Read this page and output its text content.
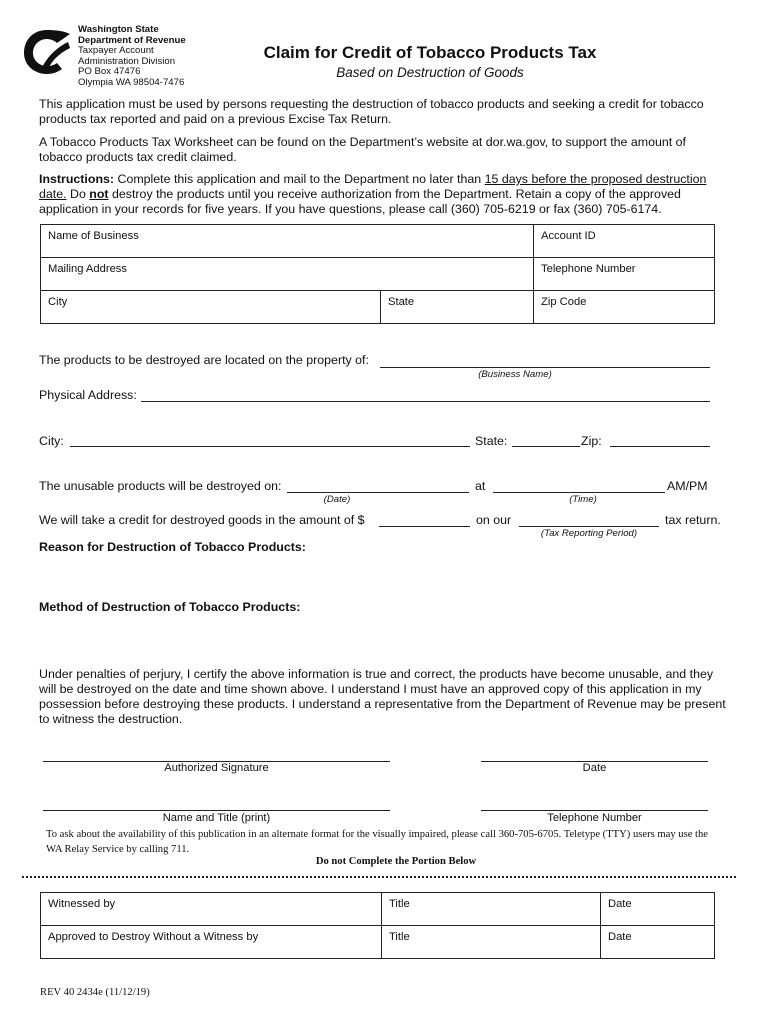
Washington State
Department of Revenue
Taxpayer Account
Administration Division
PO Box 47476
Olympia WA 98504-7476
Claim for Credit of Tobacco Products Tax
Based on Destruction of Goods
This application must be used by persons requesting the destruction of tobacco products and seeking a credit for tobacco products tax reported and paid on a previous Excise Tax Return.
A Tobacco Products Tax Worksheet can be found on the Department’s website at dor.wa.gov, to support the amount of tobacco products tax credit claimed.
Instructions: Complete this application and mail to the Department no later than 15 days before the proposed destruction date. Do not destroy the products until you receive authorization from the Department. Retain a copy of the approved application in your records for five years. If you have questions, please call (360) 705-6219 or fax (360) 705-6174.
Name of Business		Account ID
Mailing Address		Telephone Number
City	State	Zip Code
The products to be destroyed are located on the property of:
(Business Name)
Physical Address:
City:	State:	Zip:
The unusable products will be destroyed on:
(Date)
at
(Time)
AM/PM
We will take a credit for destroyed goods in the amount of $	on our
(Tax Reporting Period)
tax return.
Reason for Destruction of Tobacco Products:
Method of Destruction of Tobacco Products:
Under penalties of perjury, I certify the above information is true and correct, the products have become unusable, and they will be destroyed on the date and time shown above. I understand I must have an approved copy of this application in my possession before destroying these products. I understand a representative from the Department of Revenue may be present to witness the destruction.
Authorized Signature	Date
Name and Title (print)	Telephone Number
To ask about the availability of this publication in an alternate format for the visually impaired, please call 360-705-6705. Teletype (TTY) users may use the WA Relay Service by calling 711.
Do not Complete the Portion Below
Witnessed by	Title	Date
Approved to Destroy Without a Witness by	Title	Date
REV 40 2434e (11/12/19)
